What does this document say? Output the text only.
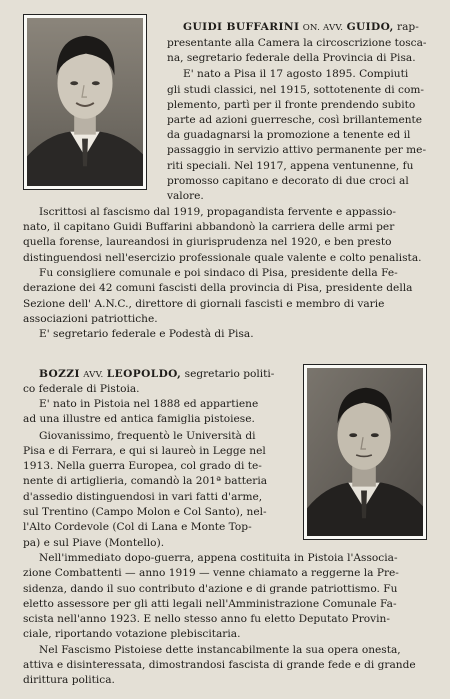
GUIDI BUFFARINI ON. AVV. GUIDO, rap-
presentante alla Camera la circoscrizione tosca-
na, segretario federale della Provincia di Pisa.
E' nato a Pisa il 17 agosto 1895. Compiuti
gli studi classici, nel 1915, sottotenente di com-
plemento, partì per il fronte prendendo subito
parte ad azioni guerresche, così brillantemente
da guadagnarsi la promozione a tenente ed il
passaggio in servizio attivo permanente per me-
riti speciali. Nel 1917, appena ventunenne, fu
promosso capitano e decorato di due croci al
valore.
Iscrittosi al fascismo dal 1919, propagandista fervente e appassio-
nato, il capitano Guidi Buffarini abbandonò la carriera delle armi per
quella forense, laureandosi in giurisprudenza nel 1920, e ben presto
distinguendosi nell'esercizio professionale quale valente e colto penalista.
Fu consigliere comunale e poi sindaco di Pisa, presidente della Fe-
derazione dei 42 comuni fascisti della provincia di Pisa, presidente della
Sezione dell' A.N.C., direttore di giornali fascisti e membro di varie
associazioni patriottiche.
E' segretario federale e Podestà di Pisa.
BOZZI AVV. LEOPOLDO, segretario politi-
co federale di Pistoia.
E' nato in Pistoia nel 1888 ed appartiene
ad una illustre ed antica famiglia pistoiese.
Giovanissimo, frequentò le Università di
Pisa e di Ferrara, e qui si laureò in Legge nel
1913. Nella guerra Europea, col grado di te-
nente di artiglieria, comandò la 201ª batteria
d'assedio distinguendosi in vari fatti d'arme,
sul Trentino (Campo Molon e Col Santo), nel-
l'Alto Cordevole (Col di Lana e Monte Top-
pa) e sul Piave (Montello).
Nell'immediato dopo-guerra, appena costituita in Pistoia l'Associa-
zione Combattenti — anno 1919 — venne chiamato a reggerne la Pre-
sidenza, dando il suo contributo d'azione e di grande patriottismo. Fu
eletto assessore per gli atti legali nell'Amministrazione Comunale Fa-
scista nell'anno 1923. E nello stesso anno fu eletto Deputato Provin-
ciale, riportando votazione plebiscitaria.
Nel Fascismo Pistoiese dette instancabilmente la sua opera onesta,
attiva e disinteressata, dimostrandosi fascista di grande fede e di grande
dirittura politica.
